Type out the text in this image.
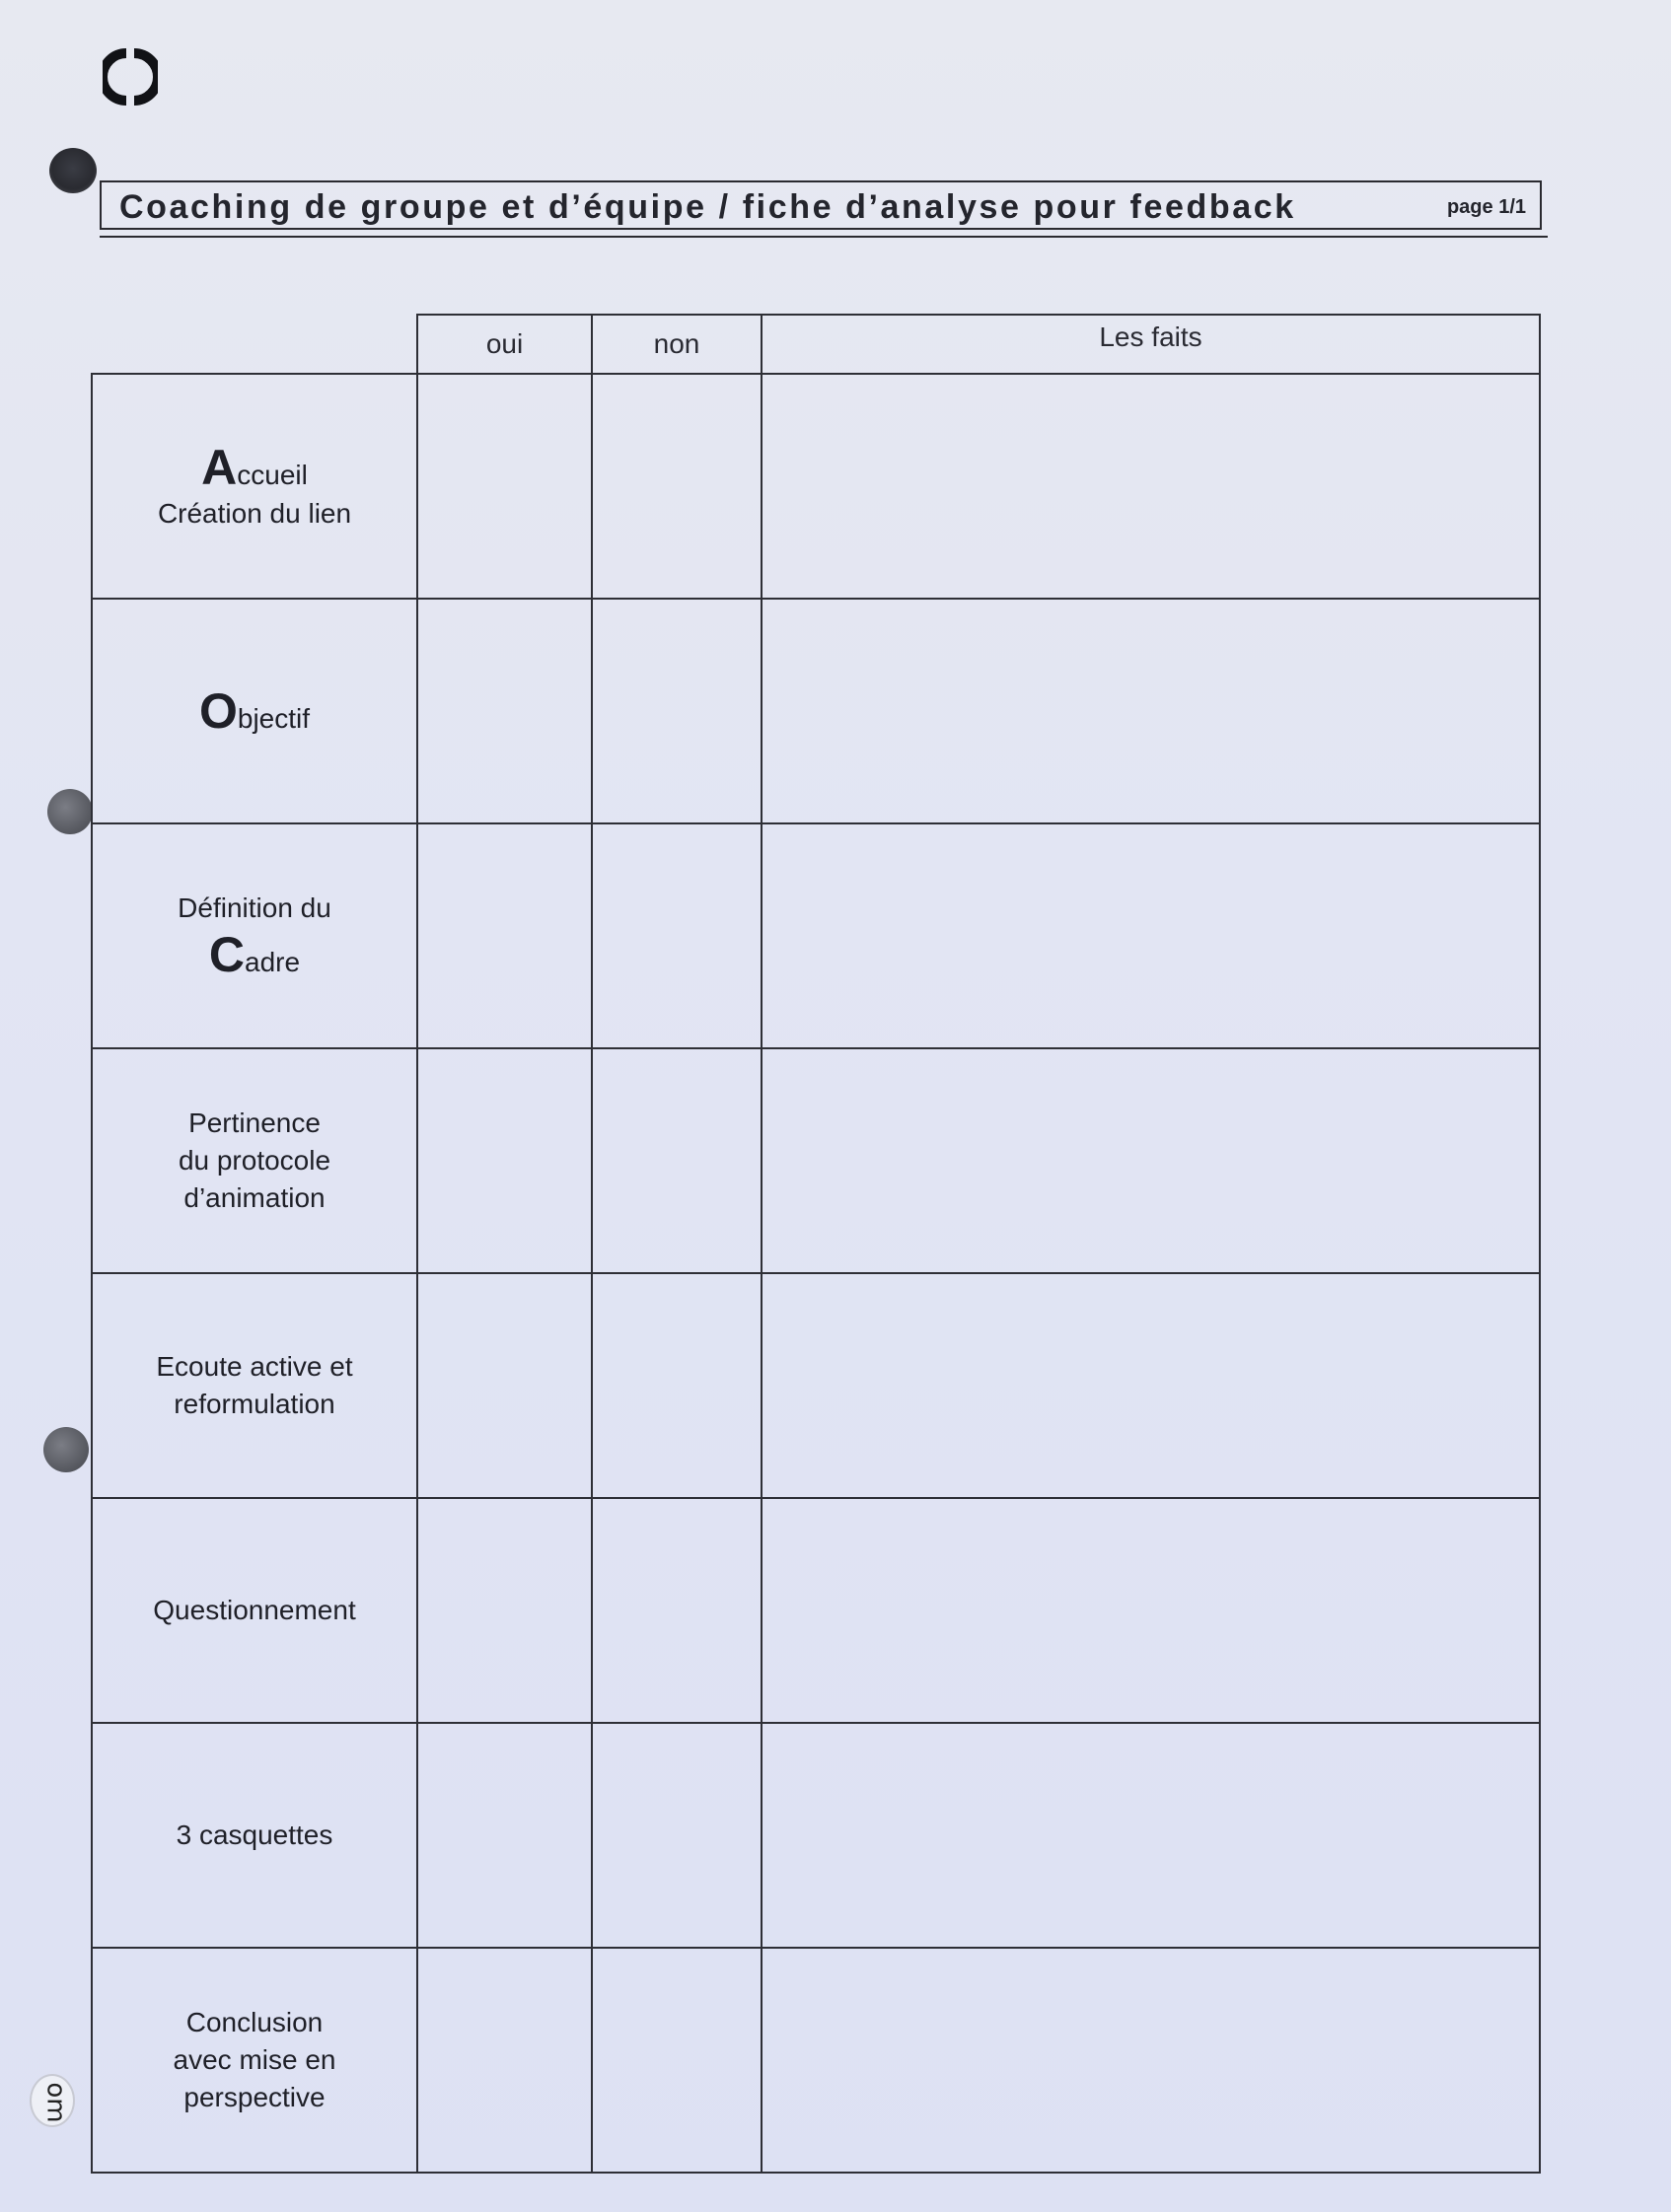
om
Coaching de groupe et d’équipe / fiche d’analyse pour feedback	page 1/1
	oui	non	Les faits

Accueil
Création du lien			

Objectif			

Définition du
Cadre			

Pertinence
du protocole
d’animation			

Ecoute active et
reformulation			

Questionnement			

3 casquettes			

Conclusion
avec mise en
perspective			
